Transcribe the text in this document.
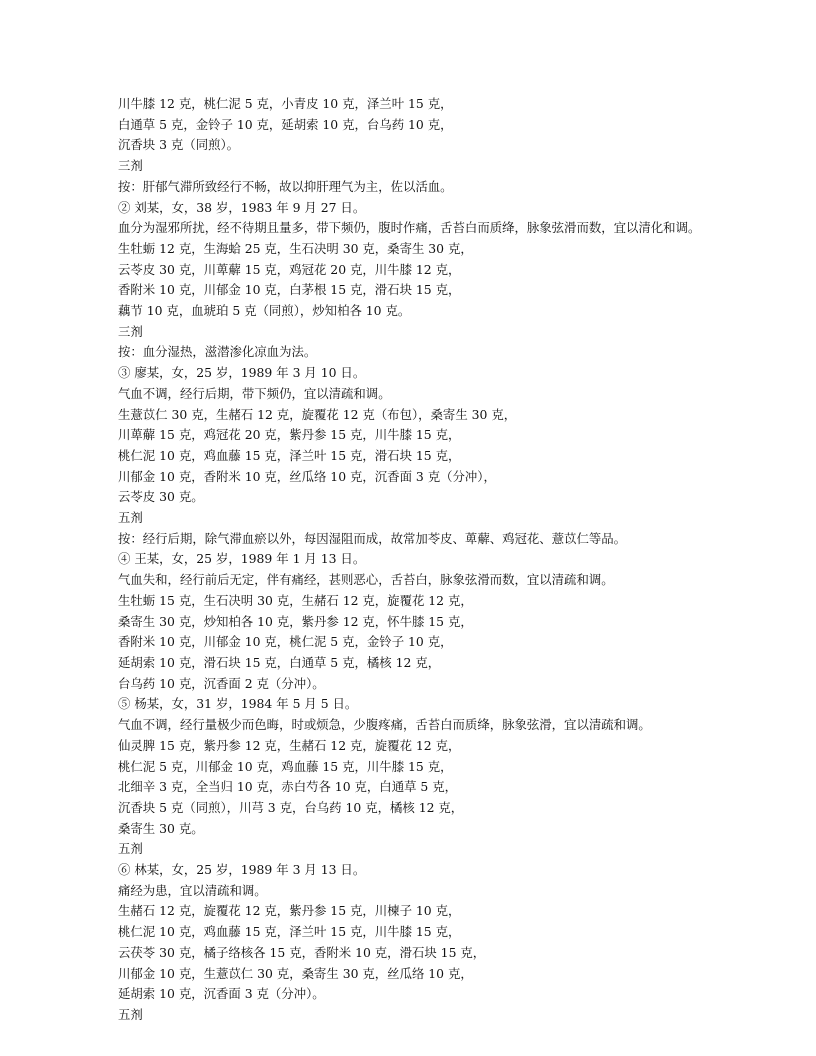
川牛膝 12 克，桃仁泥 5 克，小青皮 10 克，泽兰叶 15 克，
白通草 5 克，金铃子 10 克，延胡索 10 克，台乌药 10 克，
沉香块 3 克（同煎）。
三剂
按：肝郁气滞所致经行不畅，故以抑肝理气为主，佐以活血。
② 刘某，女，38 岁，1983 年 9 月 27 日。
血分为湿邪所扰，经不待期且量多，带下频仍，腹时作痛，舌苔白而质绛，脉象弦滑而数，宜以清化和调。
生牡蛎 12 克，生海蛤 25 克，生石决明 30 克，桑寄生 30 克，
云苓皮 30 克，川萆薢 15 克，鸡冠花 20 克，川牛膝 12 克，
香附米 10 克，川郁金 10 克，白茅根 15 克，滑石块 15 克，
藕节 10 克，血琥珀 5 克（同煎），炒知柏各 10 克。
三剂
按：血分湿热，滋潜渗化凉血为法。
③ 廖某，女，25 岁，1989 年 3 月 10 日。
气血不调，经行后期，带下频仍，宜以清疏和调。
生薏苡仁 30 克，生赭石 12 克，旋覆花 12 克（布包），桑寄生 30 克，
川萆薢 15 克，鸡冠花 20 克，紫丹参 15 克，川牛膝 15 克，
桃仁泥 10 克，鸡血藤 15 克，泽兰叶 15 克，滑石块 15 克，
川郁金 10 克，香附米 10 克，丝瓜络 10 克，沉香面 3 克（分冲），
云苓皮 30 克。
五剂
按：经行后期，除气滞血瘀以外，每因湿阻而成，故常加苓皮、萆薢、鸡冠花、薏苡仁等品。
④ 王某，女，25 岁，1989 年 1 月 13 日。
气血失和，经行前后无定，伴有痛经，甚则恶心，舌苔白，脉象弦滑而数，宜以清疏和调。
生牡蛎 15 克，生石决明 30 克，生赭石 12 克，旋覆花 12 克，
桑寄生 30 克，炒知柏各 10 克，紫丹参 12 克，怀牛膝 15 克，
香附米 10 克，川郁金 10 克，桃仁泥 5 克，金铃子 10 克，
延胡索 10 克，滑石块 15 克，白通草 5 克，橘核 12 克，
台乌药 10 克，沉香面 2 克（分冲）。
⑤ 杨某，女，31 岁，1984 年 5 月 5 日。
气血不调，经行量极少而色晦，时或烦急，少腹疼痛，舌苔白而质绛，脉象弦滑，宜以清疏和调。
仙灵脾 15 克，紫丹参 12 克，生赭石 12 克，旋覆花 12 克，
桃仁泥 5 克，川郁金 10 克，鸡血藤 15 克，川牛膝 15 克，
北细辛 3 克，全当归 10 克，赤白芍各 10 克，白通草 5 克，
沉香块 5 克（同煎），川芎 3 克，台乌药 10 克，橘核 12 克，
桑寄生 30 克。
五剂
⑥ 林某，女，25 岁，1989 年 3 月 13 日。
痛经为患，宜以清疏和调。
生赭石 12 克，旋覆花 12 克，紫丹参 15 克，川楝子 10 克，
桃仁泥 10 克，鸡血藤 15 克，泽兰叶 15 克，川牛膝 15 克，
云茯苓 30 克，橘子络核各 15 克，香附米 10 克，滑石块 15 克，
川郁金 10 克，生薏苡仁 30 克，桑寄生 30 克，丝瓜络 10 克，
延胡索 10 克，沉香面 3 克（分冲）。
五剂
